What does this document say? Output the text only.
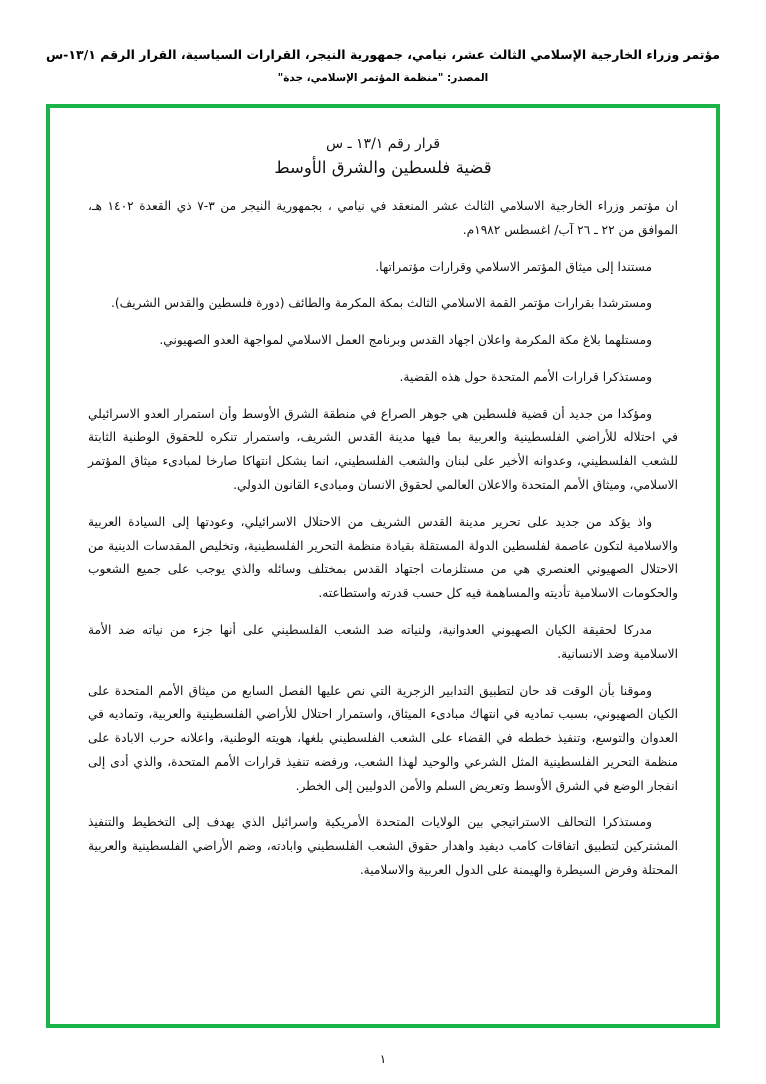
مؤتمر وزراء الخارجية الإسلامي الثالث عشر، نيامي، جمهورية النيجر، القرارات السياسية، القرار الرقم ١٣/١-س
المصدر: "منظمة المؤتمر الإسلامي، جدة"
قرار رقم ١٣/١ ـ س
قضية فلسطين والشرق الأوسط

ان مؤتمر وزراء الخارجية الاسلامي الثالث عشر المنعقد في نيامي ، بجمهورية النيجر من ٣-٧ ذي القعدة ١٤٠٢ هـ، الموافق من ٢٢ ـ ٢٦ آب/ اغسطس ١٩٨٢م.

مستندا إلى ميثاق المؤتمر الاسلامي وقرارات مؤتمراتها.

ومسترشدا بقرارات مؤتمر القمة الاسلامي الثالث بمكة المكرمة والطائف (دورة فلسطين والقدس الشريف).

ومستلهما بلاغ مكة المكرمة واعلان اجهاد القدس وبرنامج العمل الاسلامي لمواجهة العدو الصهيوني.

ومستذكرا قرارات الأمم المتحدة حول هذه القضية.

ومؤكدا من جديد أن قضية فلسطين هي جوهر الصراع في منطقة الشرق الأوسط وأن استمرار العدو الاسرائيلي في احتلاله للأراضي الفلسطينية والعربية بما فيها مدينة القدس الشريف، واستمرار تنكره للحقوق الوطنية الثابتة للشعب الفلسطيني، وعدوانه الأخير على لبنان والشعب الفلسطيني، انما يشكل انتهاكا صارخا لمبادىء ميثاق المؤتمر الاسلامي، وميثاق الأمم المتحدة والاعلان العالمي لحقوق الانسان ومبادىء القانون الدولي.

واذ يؤكد من جديد على تحرير مدينة القدس الشريف من الاحتلال الاسرائيلي، وعودتها إلى السيادة العربية والاسلامية لتكون عاصمة لفلسطين الدولة المستقلة بقيادة منظمة التحرير الفلسطينية، وتخليص المقدسات الدينية من الاحتلال الصهيوني العنصري هي من مستلزمات اجتهاد القدس بمختلف وسائله والذي يوجب على جميع الشعوب والحكومات الاسلامية تأديته والمساهمة فيه كل حسب قدرته واستطاعته.

مدركا لحقيقة الكيان الصهيوني العدوانية، ولنياته ضد الشعب الفلسطيني على أنها جزء من نياته ضد الأمة الاسلامية وضد الانسانية.

وموقنا بأن الوقت قد حان لتطبيق التدابير الزجرية التي نص عليها الفصل السابع من ميثاق الأمم المتحدة على الكيان الصهيوني، بسبب تماديه في انتهاك مبادىء الميثاق، واستمرار احتلال للأراضي الفلسطينية والعربية، وتماديه في العدوان والتوسع، وتنفيذ خططه في القضاء على الشعب الفلسطيني بلغها، هويته الوطنية، واعلانه حرب الابادة على منظمة التحرير الفلسطينية المثل الشرعي والوحيد لهذا الشعب، ورفضه تنفيذ قرارات الأمم المتحدة، والذي أدى إلى انفجار الوضع في الشرق الأوسط وتعريض السلم والأمن الدوليين إلى الخطر.

ومستذكرا التحالف الاستراتيجي بين الولايات المتحدة الأمريكية واسرائيل الذي يهدف إلى التخطيط والتنفيذ المشتركين لتطبيق اتفاقات كامب ديفيد واهدار حقوق الشعب الفلسطيني وابادته، وضم الأراضي الفلسطينية والعربية المحتلة وفرض السيطرة والهيمنة على الدول العربية والاسلامية.

١
